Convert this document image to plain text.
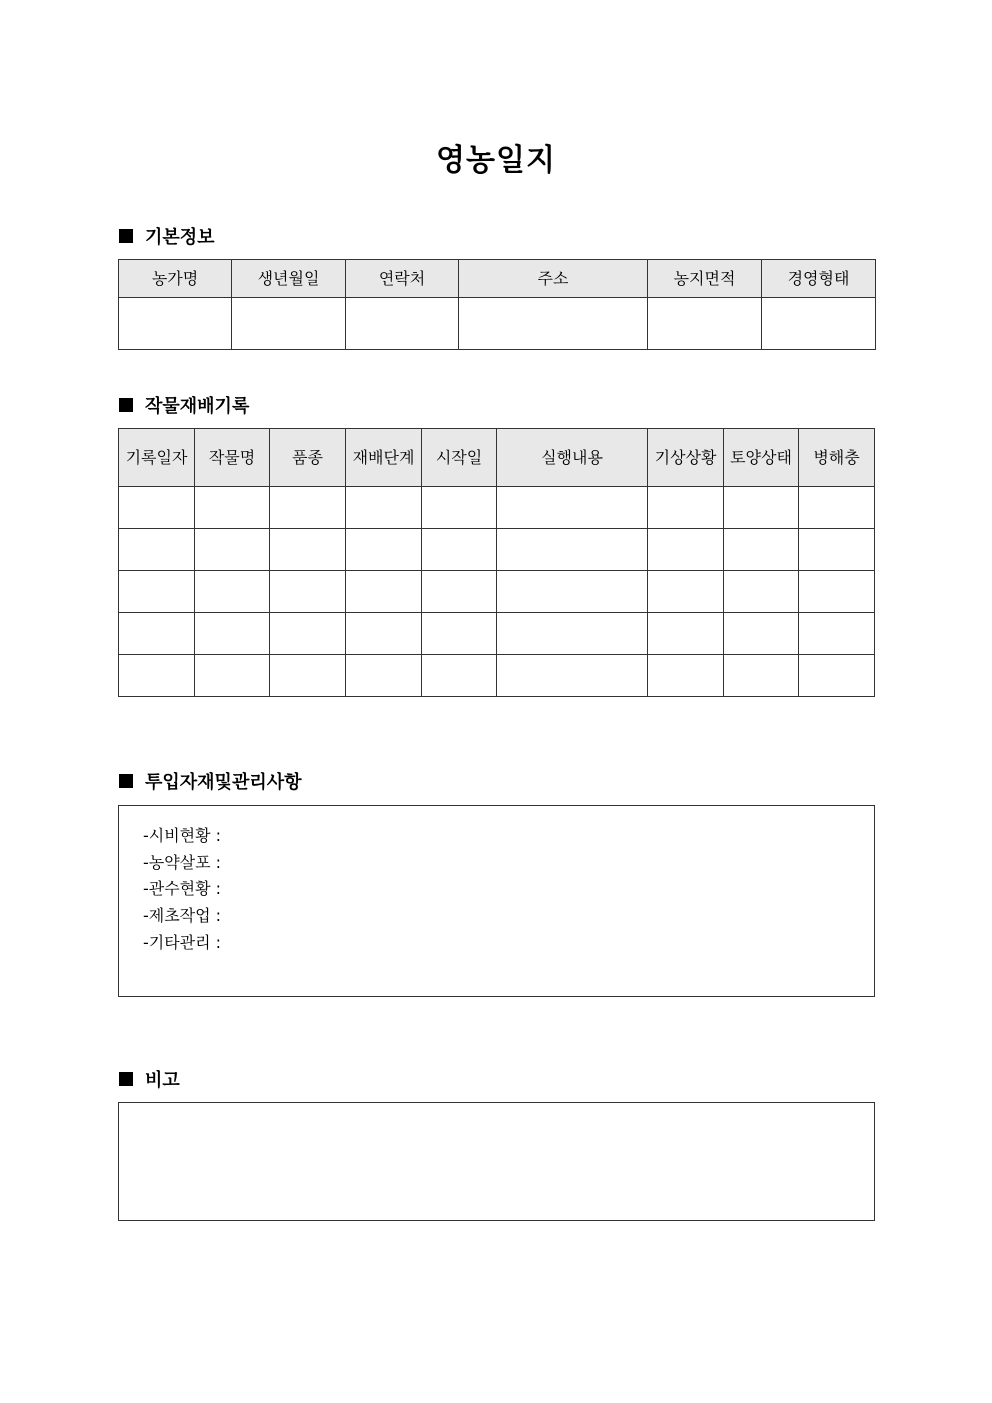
영농일지
기본정보
농가명	생년월일	연락처	주소	농지면적	경영형태

작물재배기록
기록일자	작물명	품종	재배단계	시작일	실행내용	기상상황	토양상태	병해충

투입자재및관리사항
-시비현황 :
-농약살포 :
-관수현황 :
-제초작업 :
-기타관리 :
비고
